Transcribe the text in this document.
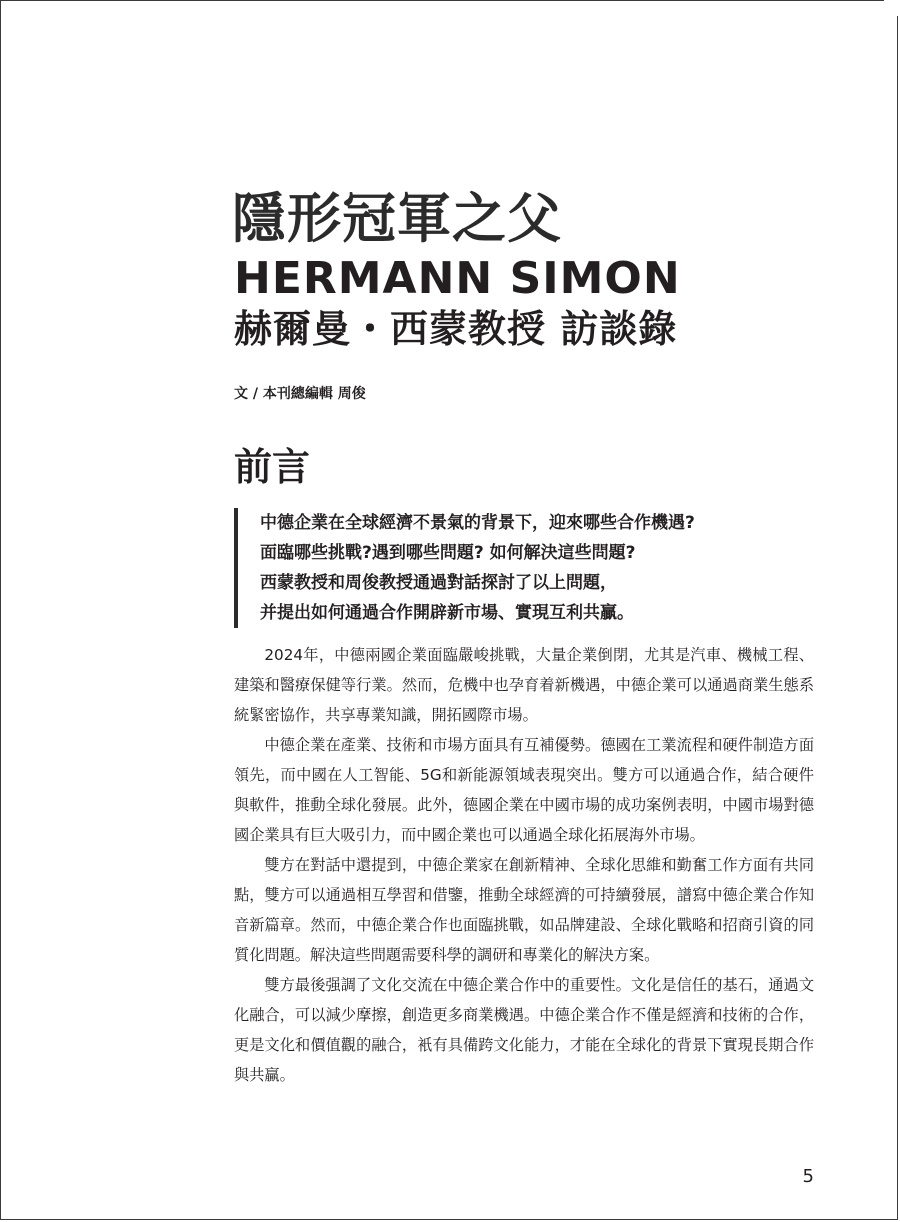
隱形冠軍之父
HERMANN SIMON
赫爾曼・西蒙教授 訪談錄
文 / 本刊總編輯 周俊
前言
中德企業在全球經濟不景氣的背景下，迎來哪些合作機遇?
面臨哪些挑戰?遇到哪些問題? 如何解決這些問題?
西蒙教授和周俊教授通過對話探討了以上問題，
并提出如何通過合作開辟新市場、實現互利共贏。

2024年，中德兩國企業面臨嚴峻挑戰，大量企業倒閉，尤其是汽車、機械工程、建築和醫療保健等行業。然而，危機中也孕育着新機遇，中德企業可以通過商業生態系統緊密協作，共享專業知識，開拓國際市場。

中德企業在產業、技術和市場方面具有互補優勢。德國在工業流程和硬件制造方面領先，而中國在人工智能、5G和新能源領域表現突出。雙方可以通過合作，結合硬件與軟件，推動全球化發展。此外，德國企業在中國市場的成功案例表明，中國市場對德國企業具有巨大吸引力，而中國企業也可以通過全球化拓展海外市場。

雙方在對話中還提到，中德企業家在創新精神、全球化思維和勤奮工作方面有共同點，雙方可以通過相互學習和借鑒，推動全球經濟的可持續發展，譜寫中德企業合作知音新篇章。然而，中德企業合作也面臨挑戰，如品牌建設、全球化戰略和招商引資的同質化問題。解決這些問題需要科學的調研和專業化的解決方案。

雙方最後强調了文化交流在中德企業合作中的重要性。文化是信任的基石，通過文化融合，可以減少摩擦，創造更多商業機遇。中德企業合作不僅是經濟和技術的合作，更是文化和價值觀的融合，衹有具備跨文化能力，才能在全球化的背景下實現長期合作與共贏。

5
